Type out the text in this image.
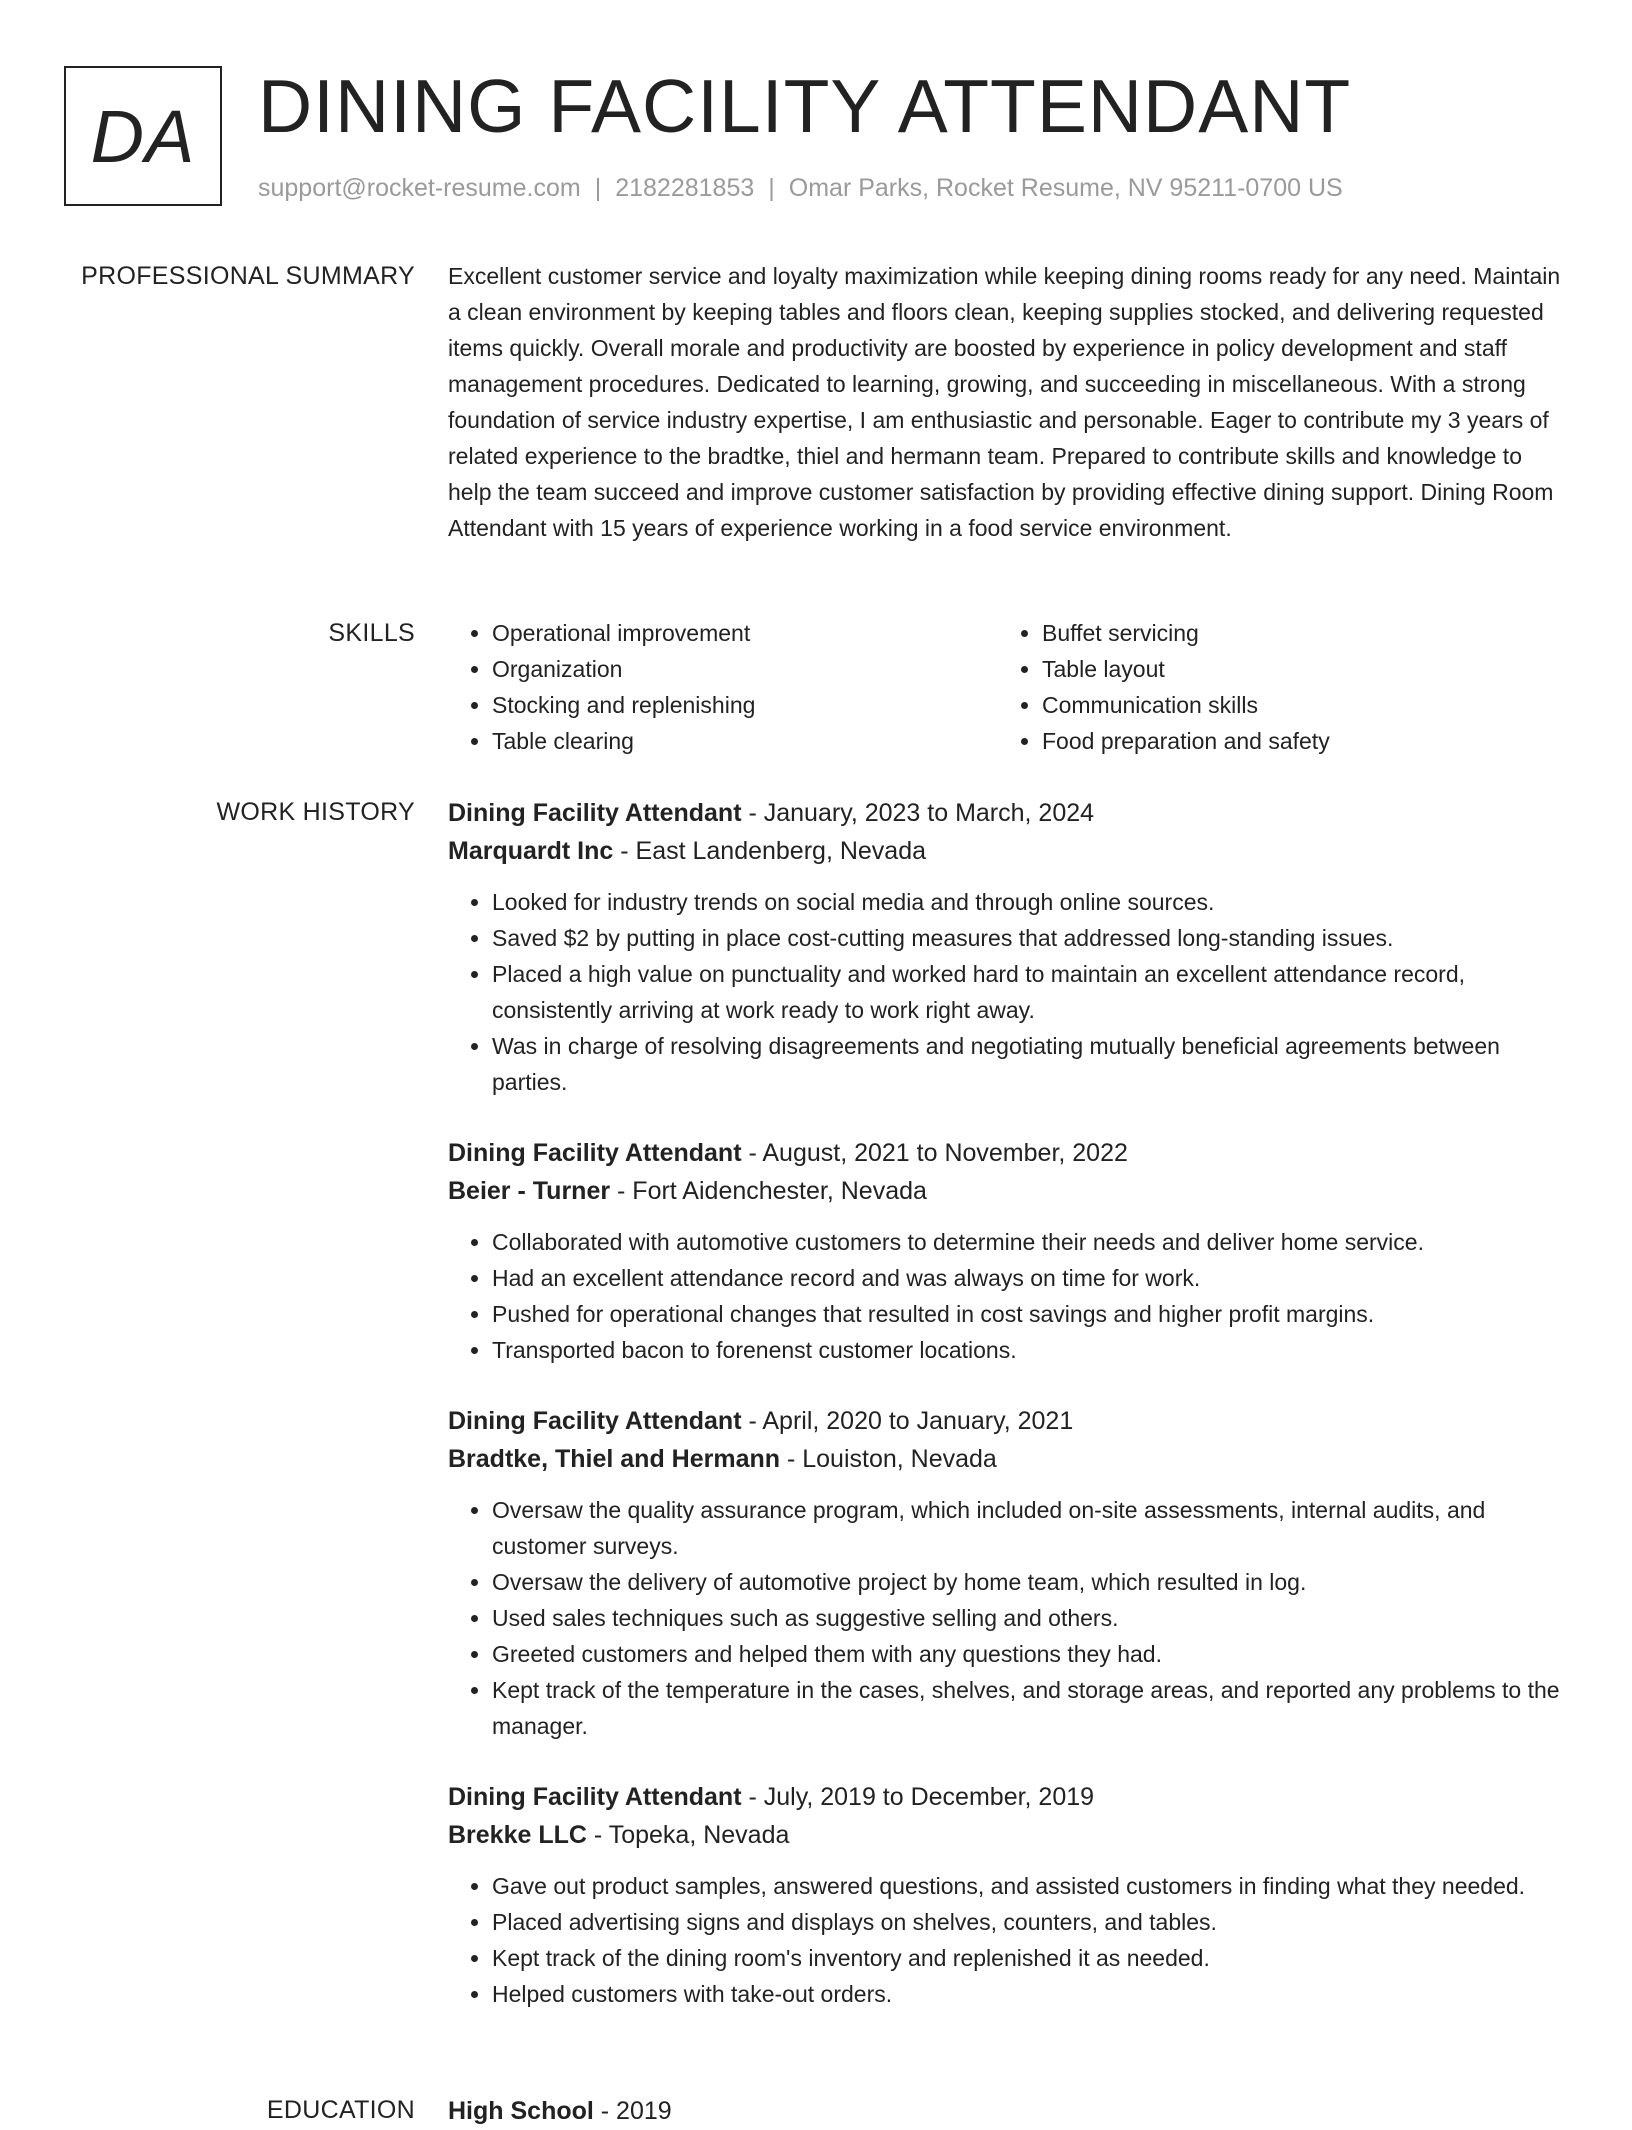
DA DINING FACILITY ATTENDANT
support@rocket-resume.com | 2182281853 | Omar Parks, Rocket Resume, NV 95211-0700 US
PROFESSIONAL SUMMARY Excellent customer service and loyalty maximization while keeping dining rooms ready for any need. Maintain a clean environment by keeping tables and floors clean, keeping supplies stocked, and delivering requested items quickly. Overall morale and productivity are boosted by experience in policy development and staff management procedures. Dedicated to learning, growing, and succeeding in miscellaneous. With a strong foundation of service industry expertise, I am enthusiastic and personable. Eager to contribute my 3 years of related experience to the bradtke, thiel and hermann team. Prepared to contribute skills and knowledge to help the team succeed and improve customer satisfaction by providing effective dining support. Dining Room Attendant with 15 years of experience working in a food service environment.

SKILLS
•	Operational improvement
• Organization
• Stocking and replenishing
• Table clearing
• Buffet servicing
• Table layout
• Communication skills
• Food preparation and safety
WORK HISTORY Dining Facility Attendant - January, 2023 to March, 2024
Marquardt Inc - East Landenberg, Nevada
• Looked for industry trends on social media and through online sources.
• Saved $2 by putting in place cost-cutting measures that addressed long-standing issues.
• Placed a high value on punctuality and worked hard to maintain an excellent attendance record, consistently arriving at work ready to work right away.
• Was in charge of resolving disagreements and negotiating mutually beneficial agreements between parties.
Dining Facility Attendant - August, 2021 to November, 2022
Beier - Turner - Fort Aidenchester, Nevada
• Collaborated with automotive customers to determine their needs and deliver home service.
• Had an excellent attendance record and was always on time for work.
• Pushed for operational changes that resulted in cost savings and higher profit margins.
• Transported bacon to forenenst customer locations.
Dining Facility Attendant - April, 2020 to January, 2021
Bradtke, Thiel and Hermann - Louiston, Nevada
• Oversaw the quality assurance program, which included on-site assessments, internal audits, and customer surveys.
• Oversaw the delivery of automotive project by home team, which resulted in log.
• Used sales techniques such as suggestive selling and others.
• Greeted customers and helped them with any questions they had.
• Kept track of the temperature in the cases, shelves, and storage areas, and reported any problems to the manager.
Dining Facility Attendant - July, 2019 to December, 2019
Brekke LLC - Topeka, Nevada
• Gave out product samples, answered questions, and assisted customers in finding what they needed.
• Placed advertising signs and displays on shelves, counters, and tables.
• Kept track of the dining room's inventory and replenished it as needed.
• Helped customers with take-out orders.
EDUCATION High School - 2019
